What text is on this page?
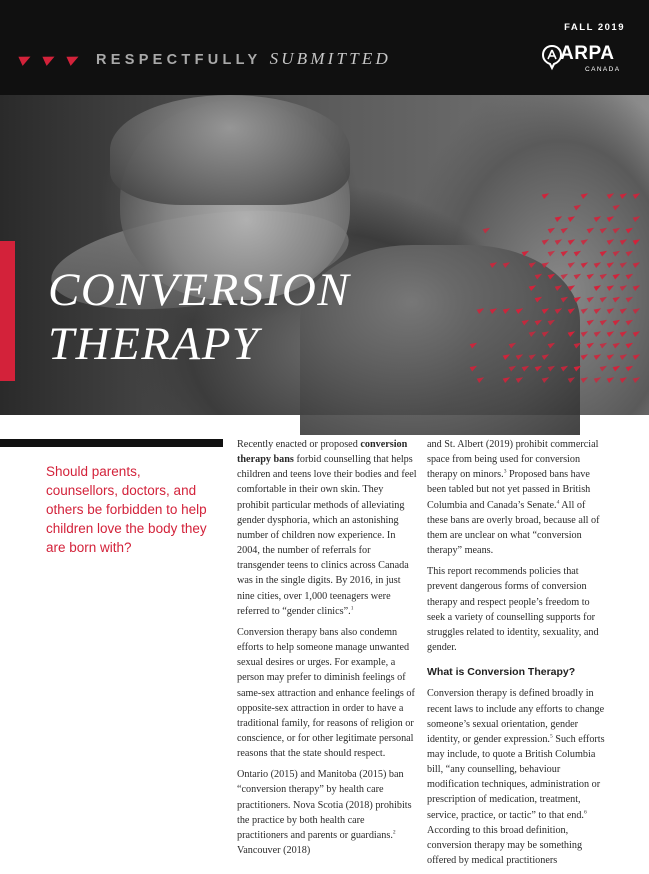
RESPECTFULLY SUBMITTED
FALL 2019
ARPA
CANADA
CONVERSION
THERAPY
Should parents, counsellors, doctors, and others be forbidden to help children love the body they are born with?

Recently enacted or proposed conversion therapy bans forbid counselling that helps children and teens love their bodies and feel comfortable in their own skin. They prohibit particular methods of alleviating gender dysphoria, which an astonishing number of children now experience. In 2004, the number of referrals for transgender teens to clinics across Canada was in the single digits. By 2016, in just nine cities, over 1,000 teenagers were referred to “gender clinics”.$^1$

Conversion therapy bans also condemn efforts to help someone manage unwanted sexual desires or urges. For example, a person may prefer to diminish feelings of same-sex attraction and enhance feelings of opposite-sex attraction in order to have a traditional family, for reasons of religion or conscience, or for other legitimate personal reasons that the state should respect.

Ontario (2015) and Manitoba (2015) ban “conversion therapy” by health care practitioners. Nova Scotia (2018) prohibits the practice by both health care practitioners and parents or guardians.$^2$ Vancouver (2018)

and St. Albert (2019) prohibit commercial space from being used for conversion therapy on minors.$^3$ Proposed bans have been tabled but not yet passed in British Columbia and Canada’s Senate.$^4$ All of these bans are overly broad, because all of them are unclear on what “conversion therapy” means.

This report recommends policies that prevent dangerous forms of conversion therapy and respect people’s freedom to seek a variety of counselling supports for struggles related to identity, sexuality, and gender.

What is Conversion Therapy?

Conversion therapy is defined broadly in recent laws to include any efforts to change someone’s sexual orientation, gender identity, or gender expression.$^5$ Such efforts may include, to quote a British Columbia bill, “any counselling, behaviour modification techniques, administration or prescription of medication, treatment, service, practice, or tactic” to that end.$^6$ According to this broad definition, conversion therapy may be something offered by medical practitioners
